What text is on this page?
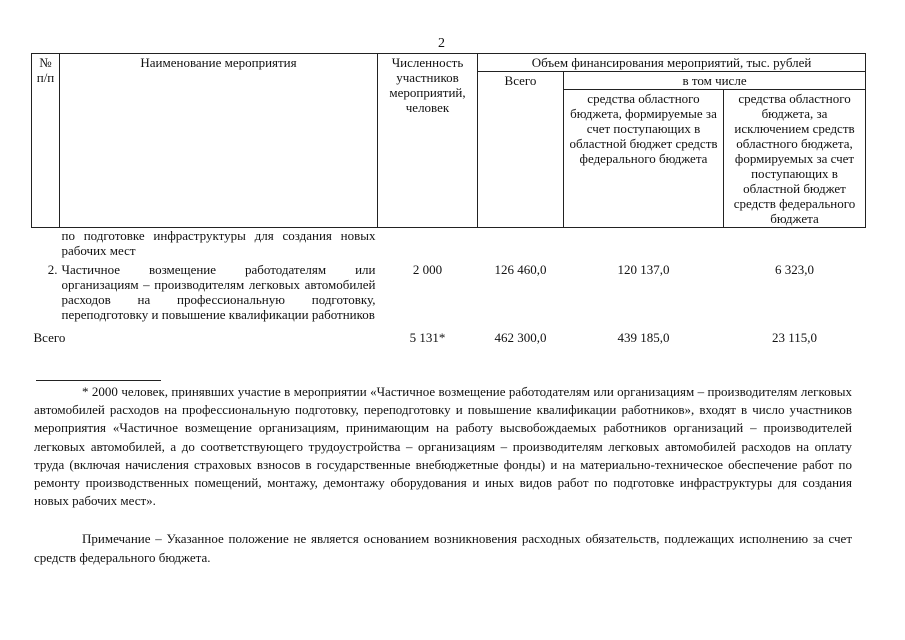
2
№ п/п	Наименование мероприятия	Численность участников мероприятий, человек	Объем финансирования мероприятий, тыс. рублей		
			Всего	в том числе	
				средства областного бюджета, формируемые за счет поступающих в областной бюджет средств федерального бюджета	средства областного бюджета, за исключением средств областного бюджета, формируемых за счет поступающих в областной бюджет средств федерального бюджета
	по подготовке инфраструктуры для создания новых рабочих мест				
2.	Частичное возмещение работодателям или организациям – производителям легковых автомобилей расходов на профессиональную подготовку, переподготовку и повышение квалификации работников	2 000	126 460,0	120 137,0	6 323,0
Всего		5 131*	462 300,0	439 185,0	23 115,0

* 2000 человек, принявших участие в мероприятии «Частичное возмещение работодателям или организациям – производителям легковых автомобилей расходов на профессиональную подготовку, переподготовку и повышение квалификации работников», входят в число участников мероприятия «Частичное возмещение организациям, принимающим на работу высвобождаемых работников организаций – производителей легковых автомобилей, а до соответствующего трудоустройства – организациям – производителям легковых автомобилей расходов на оплату труда (включая начисления страховых взносов в государственные внебюджетные фонды) и на материально-техническое обеспечение работ по ремонту производственных помещений, монтажу, демонтажу оборудования и иных видов работ по подготовке инфраструктуры для создания новых рабочих мест».

Примечание – Указанное положение не является основанием возникновения расходных обязательств, подлежащих исполнению за счет средств федерального бюджета.
